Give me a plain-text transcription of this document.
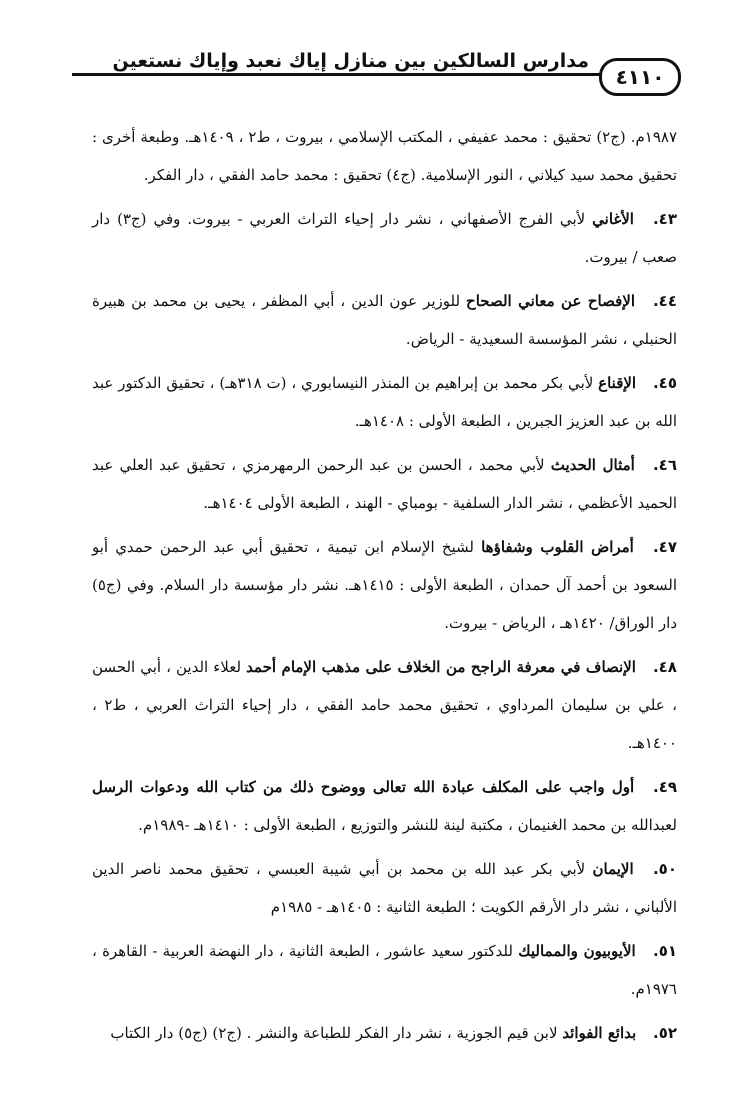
٤١١٠
مدارس السالكين بين منازل إياك نعبد وإياك نستعين

١٩٨٧م. (ج٢) تحقيق : محمد عفيفي ، المكتب الإسلامي ، بيروت ، ط٢ ، ١٤٠٩هـ. وطبعة أخرى : تحقيق محمد سيد كيلاني ، النور الإسلامية. (ج٤) تحقيق : محمد حامد الفقي ، دار الفكر.

٤٣. الأغاني لأبي الفرج الأصفهاني ، نشر دار إحياء التراث العربي - بيروت. وفي (ج٣) دار صعب / بيروت.

٤٤. الإفصاح عن معاني الصحاح للوزير عون الدين ، أبي المظفر ، يحيى بن محمد بن هبيرة الحنبلي ، نشر المؤسسة السعيدية - الرياض.

٤٥. الإقناع لأبي بكر محمد بن إبراهيم بن المنذر النيسابوري ، (ت ٣١٨هـ) ، تحقيق الدكتور عبد الله بن عبد العزيز الجبرين ، الطبعة الأولى : ١٤٠٨هـ.

٤٦. أمثال الحديث لأبي محمد ، الحسن بن عبد الرحمن الرمهرمزي ، تحقيق عبد العلي عبد الحميد الأعظمي ، نشر الدار السلفية - بومباي - الهند ، الطبعة الأولى ١٤٠٤هـ.

٤٧. أمراض القلوب وشفاؤها لشيخ الإسلام ابن تيمية ، تحقيق أبي عبد الرحمن حمدي أبو السعود بن أحمد آل حمدان ، الطبعة الأولى : ١٤١٥هـ. نشر دار مؤسسة دار السلام. وفي (ج٥) دار الوراق/ ١٤٢٠هـ ، الرياض - بيروت.

٤٨. الإنصاف في معرفة الراجح من الخلاف على مذهب الإمام أحمد لعلاء الدين ، أبي الحسن ، علي بن سليمان المرداوي ، تحقيق محمد حامد الفقي ، دار إحياء التراث العربي ، ط٢ ، ١٤٠٠هـ.

٤٩. أول واجب على المكلف عبادة الله تعالى ووضوح ذلك من كتاب الله ودعوات الرسل لعبدالله بن محمد الغنيمان ، مكتبة لينة للنشر والتوزيع ، الطبعة الأولى : ١٤١٠هـ -١٩٨٩م.

٥٠. الإيمان لأبي بكر عبد الله بن محمد بن أبي شيبة العبسي ، تحقيق محمد ناصر الدين الألباني ، نشر دار الأرقم الكويت ؛ الطبعة الثانية : ١٤٠٥هـ - ١٩٨٥م

٥١. الأيوبيون والمماليك للدكتور سعيد عاشور ، الطبعة الثانية ، دار النهضة العربية - القاهرة ، ١٩٧٦م.

٥٢. بدائع الفوائد لابن قيم الجوزية ، نشر دار الفكر للطباعة والنشر . (ج٢) (ج٥) دار الكتاب
